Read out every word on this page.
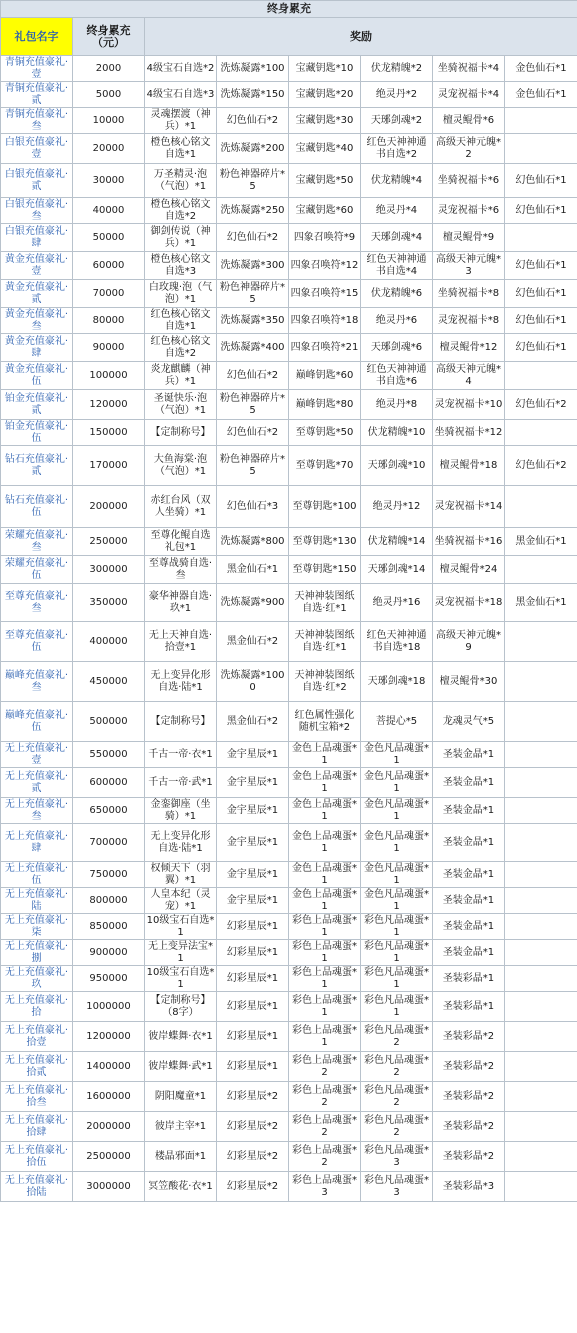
终身累充							
礼包名字	终身累充（元）	奖励					
青铜充值豪礼·壹	2000	4级宝石自选*2	洗炼凝露*100	宝藏钥匙*10	伏龙精魄*2	坐骑祝福卡*4	金色仙石*1
青铜充值豪礼·贰	5000	4级宝石自选*3	洗炼凝露*150	宝藏钥匙*20	绝灵丹*2	灵宠祝福卡*4	金色仙石*1
青铜充值豪礼·叁	10000	灵魂摆渡（神兵）*1	幻色仙石*2	宝藏钥匙*30	天琊剑魂*2	檀灵鲲骨*6	
白银充值豪礼·壹	20000	橙色核心铭文自选*1	洗炼凝露*200	宝藏钥匙*40	红色天神神通书自选*2	高级天神元魄*2	
白银充值豪礼·贰	30000	万圣精灵·泡（气泡）*1	粉色神器碎片*5	宝藏钥匙*50	伏龙精魄*4	坐骑祝福卡*6	幻色仙石*1
白银充值豪礼·叁	40000	橙色核心铭文自选*2	洗炼凝露*250	宝藏钥匙*60	绝灵丹*4	灵宠祝福卡*6	幻色仙石*1
白银充值豪礼·肆	50000	御剑传说（神兵）*1	幻色仙石*2	四象召唤符*9	天琊剑魂*4	檀灵鲲骨*9	
黄金充值豪礼·壹	60000	橙色核心铭文自选*3	洗炼凝露*300	四象召唤符*12	红色天神神通书自选*4	高级天神元魄*3	幻色仙石*1
黄金充值豪礼·贰	70000	白玫瑰·泡（气泡）*1	粉色神器碎片*5	四象召唤符*15	伏龙精魄*6	坐骑祝福卡*8	幻色仙石*1
黄金充值豪礼·叁	80000	红色核心铭文自选*1	洗炼凝露*350	四象召唤符*18	绝灵丹*6	灵宠祝福卡*8	幻色仙石*1
黄金充值豪礼·肆	90000	红色核心铭文自选*2	洗炼凝露*400	四象召唤符*21	天琊剑魂*6	檀灵鲲骨*12	幻色仙石*1
黄金充值豪礼·伍	100000	炎龙麒麟（神兵）*1	幻色仙石*2	巅峰钥匙*60	红色天神神通书自选*6	高级天神元魄*4	
铂金充值豪礼·贰	120000	圣诞快乐·泡（气泡）*1	粉色神器碎片*5	巅峰钥匙*80	绝灵丹*8	灵宠祝福卡*10	幻色仙石*2
铂金充值豪礼·伍	150000	【定制称号】	幻色仙石*2	至尊钥匙*50	伏龙精魄*10	坐骑祝福卡*12	
钻石充值豪礼·贰	170000	大鱼海棠·泡（气泡）*1	粉色神器碎片*5	至尊钥匙*70	天琊剑魂*10	檀灵鲲骨*18	幻色仙石*2
钻石充值豪礼·伍	200000	赤红台风（双人坐骑）*1	幻色仙石*3	至尊钥匙*100	绝灵丹*12	灵宠祝福卡*14	
荣耀充值豪礼·叁	250000	至尊化鲲自选礼包*1	洗炼凝露*800	至尊钥匙*130	伏龙精魄*14	坐骑祝福卡*16	黑金仙石*1
荣耀充值豪礼·伍	300000	至尊战骑自选·叁	黑金仙石*1	至尊钥匙*150	天琊剑魂*14	檀灵鲲骨*24	
至尊充值豪礼·叁	350000	豪华神器自选·玖*1	洗炼凝露*900	天神神装图纸自选·红*1	绝灵丹*16	灵宠祝福卡*18	黑金仙石*1
至尊充值豪礼·伍	400000	无上天神自选·拾壹*1	黑金仙石*2	天神神装图纸自选·红*1	红色天神神通书自选*18	高级天神元魄*9	
巅峰充值豪礼·叁	450000	无上变异化形自选·陆*1	洗炼凝露*1000	天神神装图纸自选·红*2	天琊剑魂*18	檀灵鲲骨*30	
巅峰充值豪礼·伍	500000	【定制称号】	黑金仙石*2	红色属性强化随机宝箱*2	菩提心*5	龙魂灵气*5	
无上充值豪礼·壹	550000	千古一帝·衣*1	金宇星辰*1	金色上品魂蛋*1	金色凡品魂蛋*1	圣装金晶*1	
无上充值豪礼·贰	600000	千古一帝·武*1	金宇星辰*1	金色上品魂蛋*1	金色凡品魂蛋*1	圣装金晶*1	
无上充值豪礼·叁	650000	金銮御座（坐骑）*1	金宇星辰*1	金色上品魂蛋*1	金色凡品魂蛋*1	圣装金晶*1	
无上充值豪礼·肆	700000	无上变异化形自选·陆*1	金宇星辰*1	金色上品魂蛋*1	金色凡品魂蛋*1	圣装金晶*1	
无上充值豪礼·伍	750000	权倾天下（羽翼）*1	金宇星辰*1	金色上品魂蛋*1	金色凡品魂蛋*1	圣装金晶*1	
无上充值豪礼·陆	800000	人皇本纪（灵宠）*1	金宇星辰*1	金色上品魂蛋*1	金色凡品魂蛋*1	圣装金晶*1	
无上充值豪礼·柒	850000	10级宝石自选*1	幻彩星辰*1	彩色上品魂蛋*1	彩色凡品魂蛋*1	圣装金晶*1	
无上充值豪礼·捌	900000	无上变异法宝*1	幻彩星辰*1	彩色上品魂蛋*1	彩色凡品魂蛋*1	圣装金晶*1	
无上充值豪礼·玖	950000	10级宝石自选*1	幻彩星辰*1	彩色上品魂蛋*1	彩色凡品魂蛋*1	圣装彩晶*1	
无上充值豪礼·拾	1000000	【定制称号】（8字）	幻彩星辰*1	彩色上品魂蛋*1	彩色凡品魂蛋*1	圣装彩晶*1	
无上充值豪礼·拾壹	1200000	彼岸蝶舞·衣*1	幻彩星辰*1	彩色上品魂蛋*1	彩色凡品魂蛋*2	圣装彩晶*2	
无上充值豪礼·拾贰	1400000	彼岸蝶舞·武*1	幻彩星辰*1	彩色上品魂蛋*2	彩色凡品魂蛋*2	圣装彩晶*2	
无上充值豪礼·拾叁	1600000	阴阳魔童*1	幻彩星辰*2	彩色上品魂蛋*2	彩色凡品魂蛋*2	圣装彩晶*2	
无上充值豪礼·拾肆	2000000	彼岸主宰*1	幻彩星辰*2	彩色上品魂蛋*2	彩色凡品魂蛋*2	圣装彩晶*2	
无上充值豪礼·拾伍	2500000	楼晶邪面*1	幻彩星辰*2	彩色上品魂蛋*2	彩色凡品魂蛋*3	圣装彩晶*2	
无上充值豪礼·拾陆	3000000	冥笠酸花·衣*1	幻彩星辰*2	彩色上品魂蛋*3	彩色凡品魂蛋*3	圣装彩晶*3	
